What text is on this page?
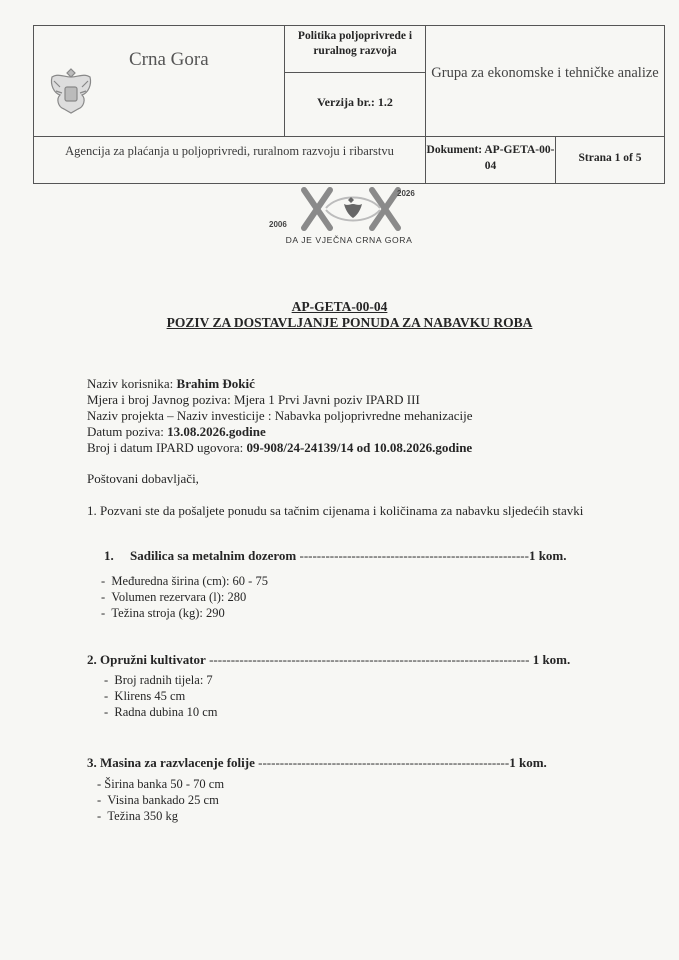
Crna Gora
Politika poljoprivrede i ruralnog razvoja
Verzija br.: 1.2
Grupa za ekonomske i tehničke analize
Agencija za plaćanja u poljoprivredi, ruralnom razvoju i ribarstvu	Dokument: AP-GETA-00-04
Strana 1 of 5
2006
2026
DA JE VJEČNA CRNA GORA
AP-GETA-00-04
POZIV ZA DOSTAVLJANJE PONUDA ZA NABAVKU ROBA
Naziv korisnika: Brahim Đokić
Mjera i broj Javnog poziva: Mjera 1 Prvi Javni poziv IPARD III
Naziv projekta – Naziv investicije : Nabavka poljoprivredne mehanizacije
Datum poziva: 13.08.2026.godine
Broj i datum IPARD ugovora: 09-908/24-24139/14 od 10.08.2026.godine
Poštovani dobavljači,
1. Pozvani ste da pošaljete ponudu sa tačnim cijenama i količinama za nabavku sljedećih stavki
1. Sadilica sa metalnim dozerom -----------------------------------------------------1 kom.
-  Međuredna širina (cm): 60 - 75
-  Volumen rezervara (l): 280
-  Težina stroja (kg): 290
2. Opružni kultivator -------------------------------------------------------------------------- 1 kom.
-  Broj radnih tijela: 7
-  Klirens 45 cm
-  Radna dubina 10 cm
3. Masina za razvlacenje folije ----------------------------------------------------------1 kom.
- Širina banka 50 - 70 cm
-  Visina bankado 25 cm
-  Težina 350 kg
